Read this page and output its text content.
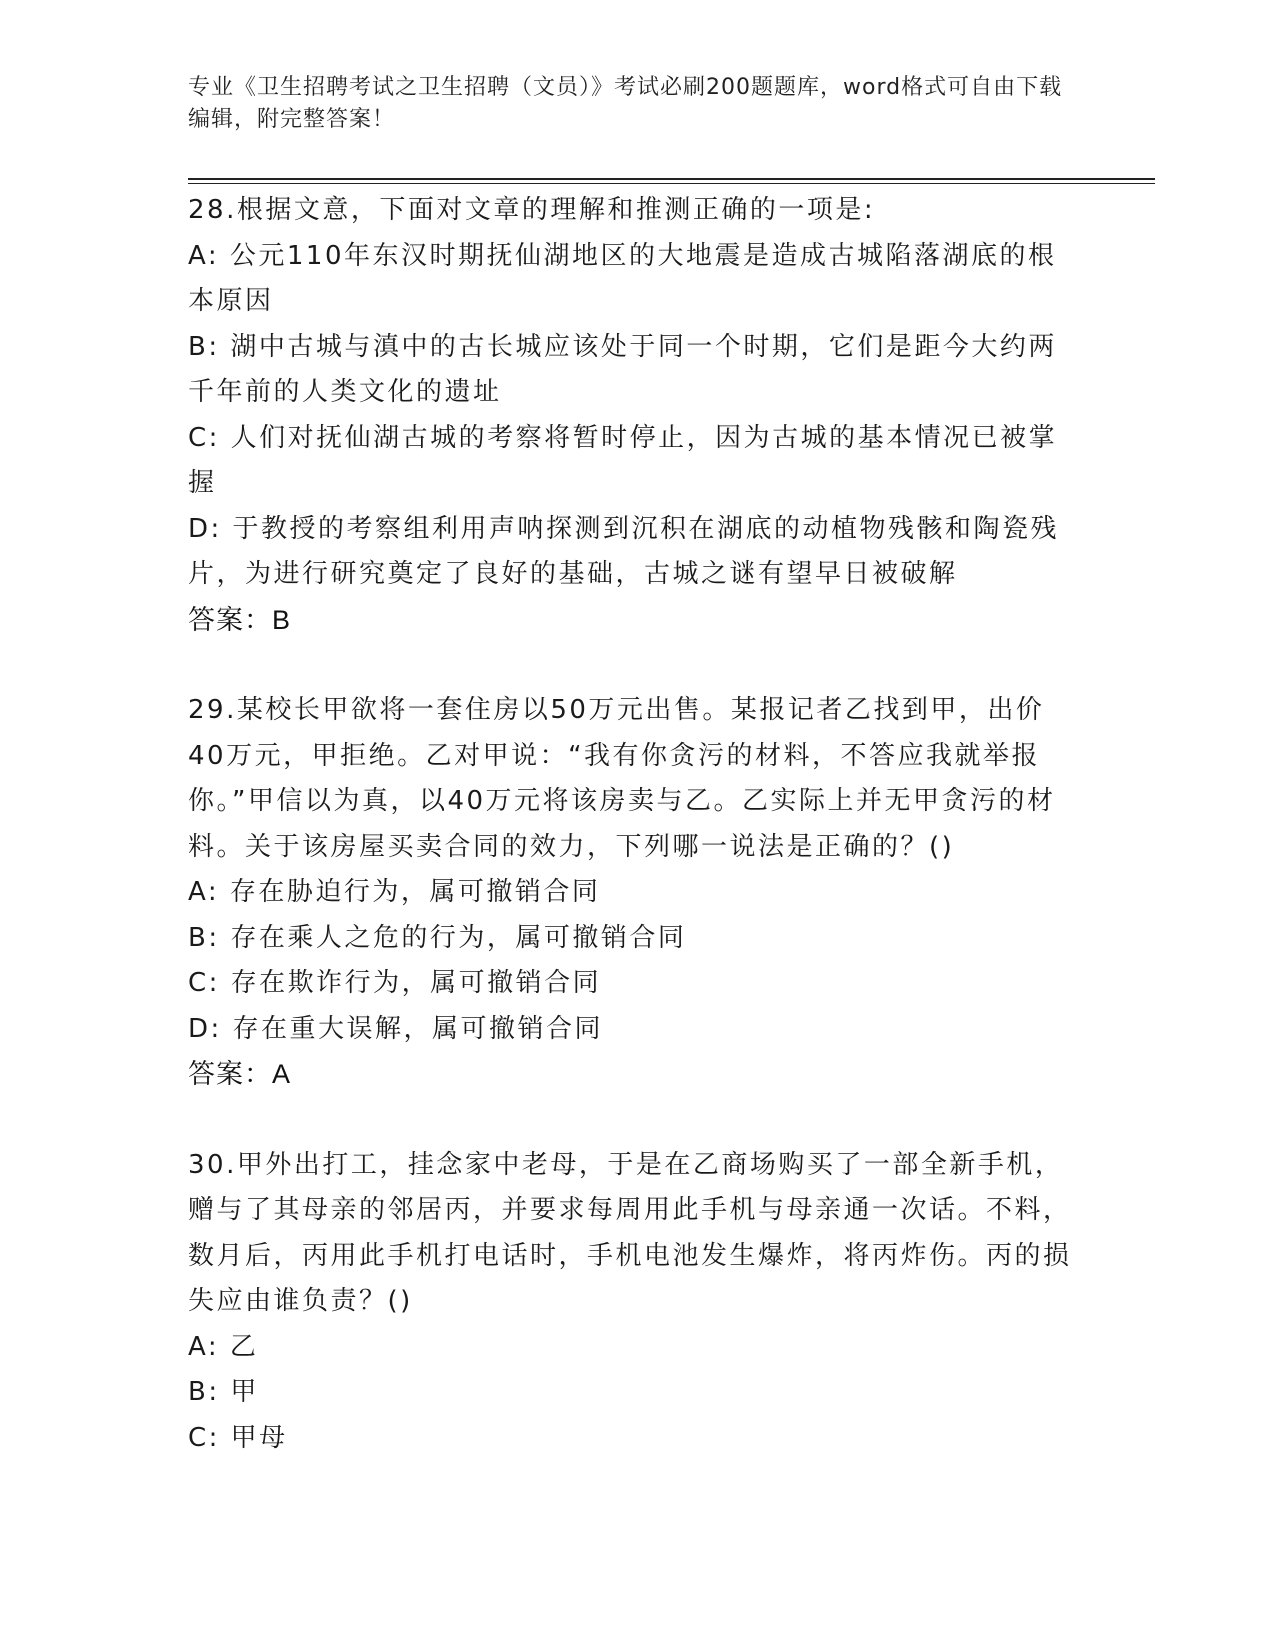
专业《卫生招聘考试之卫生招聘（文员）》考试必刷200题题库，word格式可自由下载编辑，附完整答案！

28.根据文意，下面对文章的理解和推测正确的一项是:

A: 公元110年东汉时期抚仙湖地区的大地震是造成古城陷落湖底的根本原因

B: 湖中古城与滇中的古长城应该处于同一个时期，它们是距今大约两千年前的人类文化的遗址

C: 人们对抚仙湖古城的考察将暂时停止，因为古城的基本情况已被掌握

D: 于教授的考察组利用声呐探测到沉积在湖底的动植物残骸和陶瓷残片，为进行研究奠定了良好的基础，古城之谜有望早日被破解

答案：B

29.某校长甲欲将一套住房以50万元出售。某报记者乙找到甲，出价40万元，甲拒绝。乙对甲说：“我有你贪污的材料，不答应我就举报你。”甲信以为真，以40万元将该房卖与乙。乙实际上并无甲贪污的材料。关于该房屋买卖合同的效力，下列哪一说法是正确的？()

A: 存在胁迫行为，属可撤销合同

B: 存在乘人之危的行为，属可撤销合同

C: 存在欺诈行为，属可撤销合同

D: 存在重大误解，属可撤销合同

答案：A

30.甲外出打工，挂念家中老母，于是在乙商场购买了一部全新手机，赠与了其母亲的邻居丙，并要求每周用此手机与母亲通一次话。不料，数月后，丙用此手机打电话时，手机电池发生爆炸，将丙炸伤。丙的损失应由谁负责？()

A: 乙

B: 甲

C: 甲母
